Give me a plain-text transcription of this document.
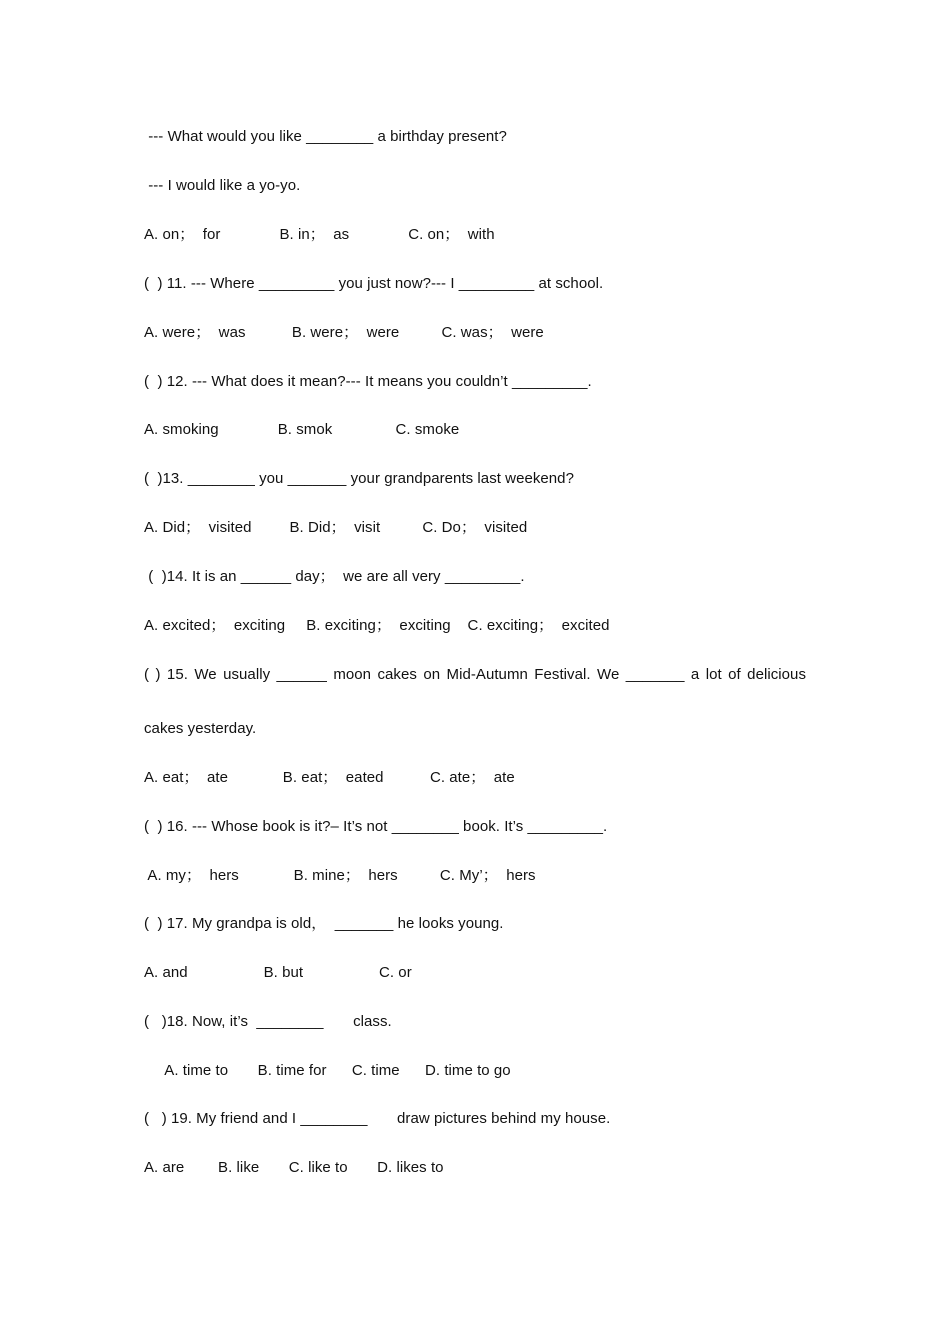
--- What would you like ________ a birthday present?
--- I would like a yo-yo.
A. on；  for              B. in；  as              C. on；  with
(  ) 11. --- Where _________ you just now?--- I _________ at school.
A. were；  was           B. were；  were          C. was；  were
(  ) 12. --- What does it mean?--- It means you couldn’t _________.
A. smoking              B. smok               C. smoke
(  )13. ________ you _______ your grandparents last weekend?
A. Did；  visited         B. Did；  visit          C. Do；  visited
(  )14. It is an ______ day；  we are all very _________.
A. excited；  exciting     B. exciting；  exciting    C. exciting；  excited
( ) 15. We usually ______ moon cakes on Mid-Autumn Festival. We _______ a lot of delicious
cakes yesterday.
A. eat；  ate             B. eat；  eated           C. ate；  ate
(  ) 16. --- Whose book is it?– It’s not ________ book. It’s _________.
A. my；  hers             B. mine；  hers          C. My’；  hers
(  ) 17. My grandpa is old，  _______ he looks young.
A. and                  B. but                  C. or
(   )18. Now, it’s  ________       class.
A. time to       B. time for      C. time      D. time to go
(   ) 19. My friend and I ________       draw pictures behind my house.
A. are        B. like       C. like to       D. likes to
